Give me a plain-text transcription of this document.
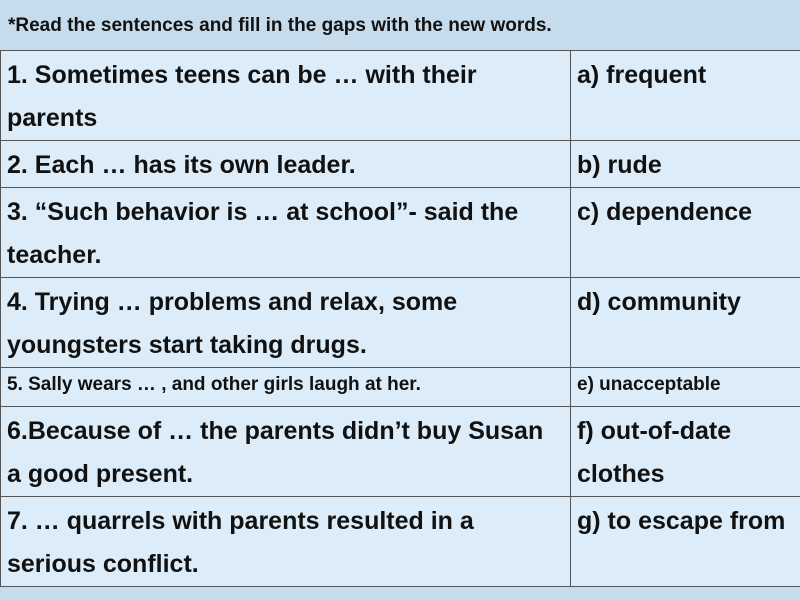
*Read the sentences and fill in the gaps with the new words.
1. Sometimes teens can be … with their parents	a) frequent
2. Each … has its own leader.	b) rude
3. “Such behavior is … at school”- said the teacher.	c) dependence
4. Trying … problems and relax, some youngsters start taking drugs.	d) community
5. Sally wears … , and other girls laugh at her.	e) unacceptable
6.Because of … the parents didn’t buy Susan a good present.	f) out-of-date clothes
7. … quarrels with parents resulted in a serious conflict.	g) to escape from
